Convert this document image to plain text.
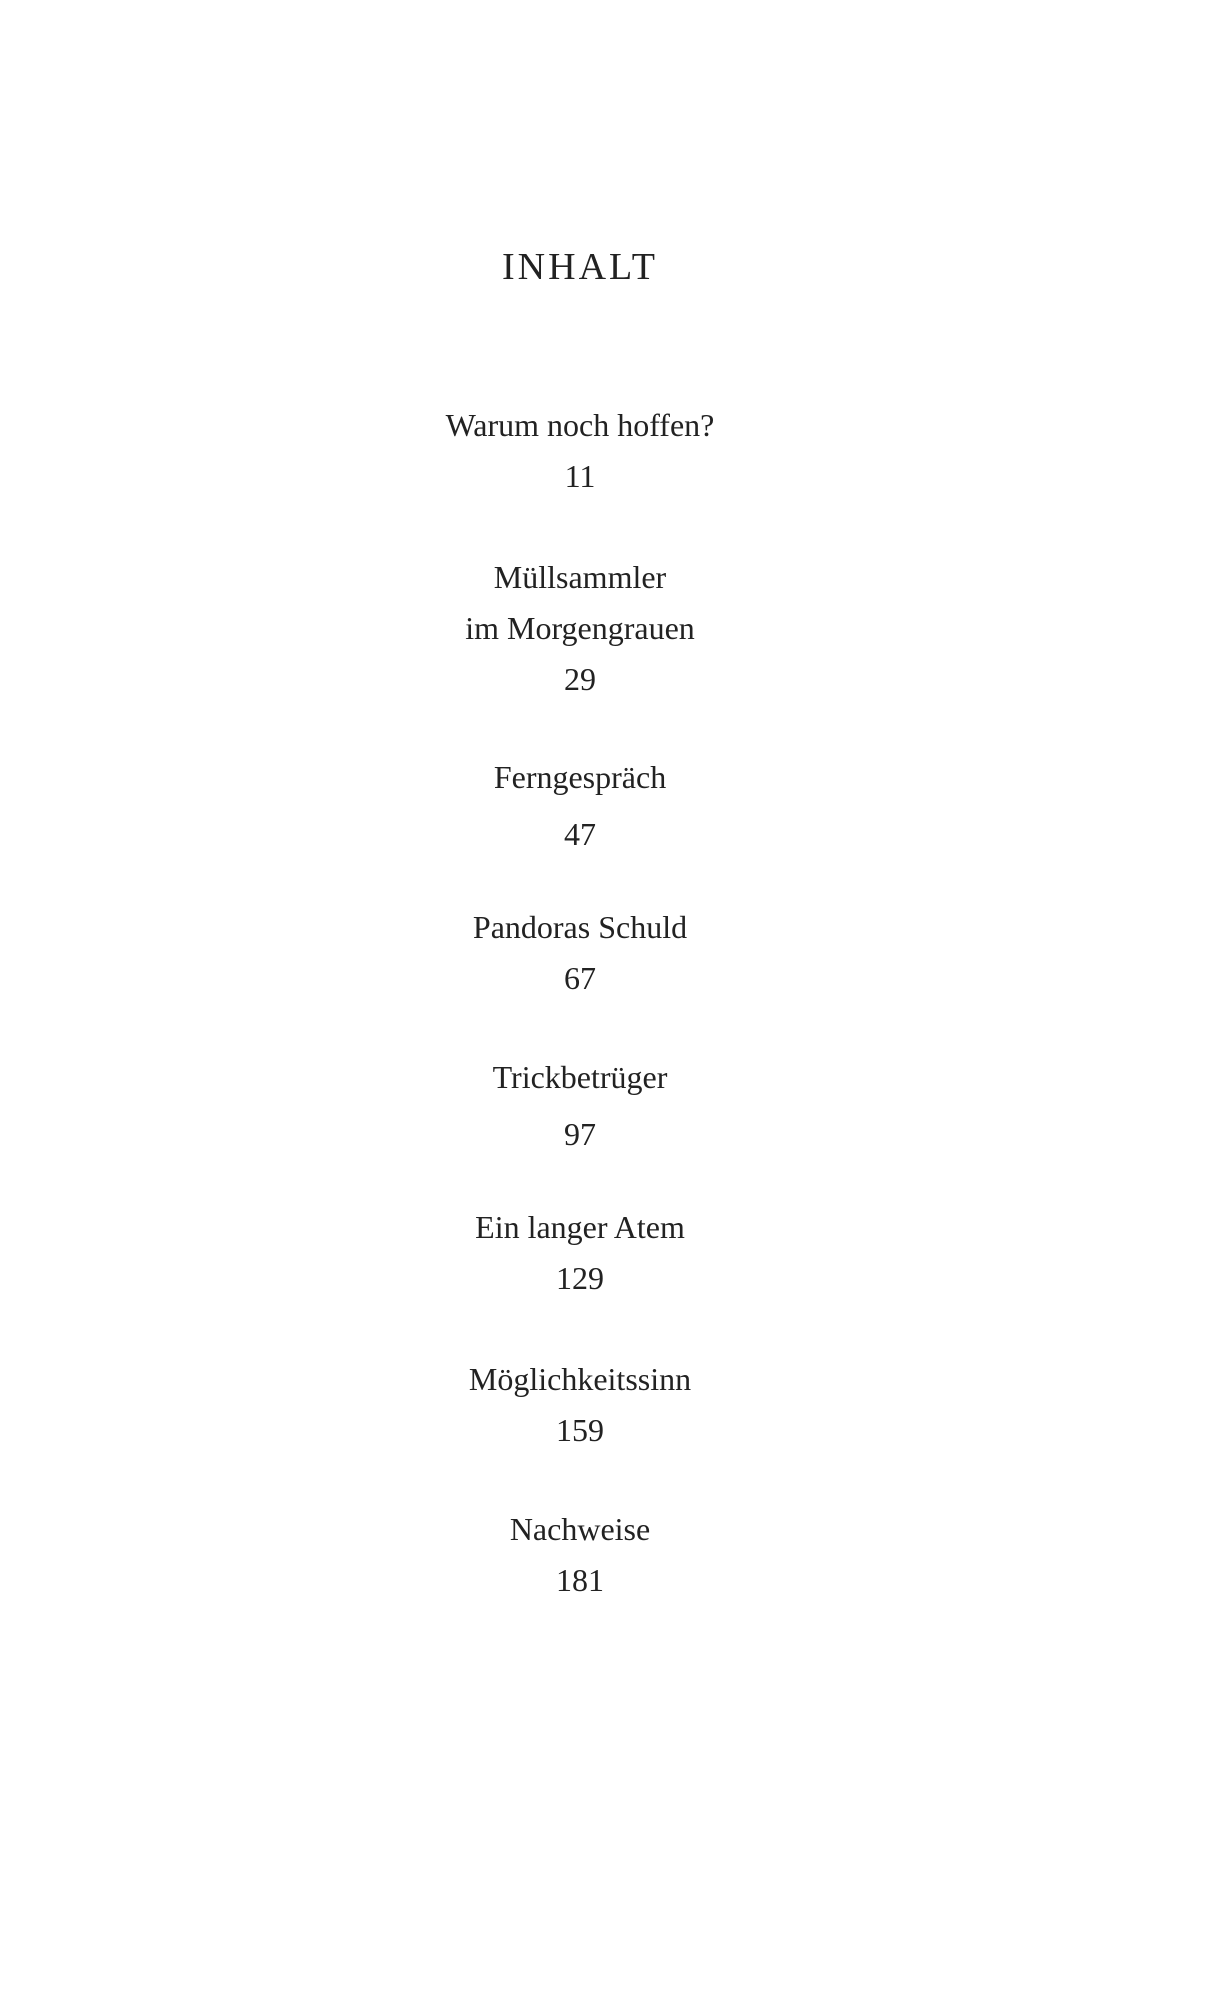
INHALT
Warum noch hoffen?
11
Müllsammler
im Morgengrauen
29
Ferngespräch
47
Pandoras Schuld
67
Trickbetrüger
97
Ein langer Atem
129
Möglichkeitssinn
159
Nachweise
181
